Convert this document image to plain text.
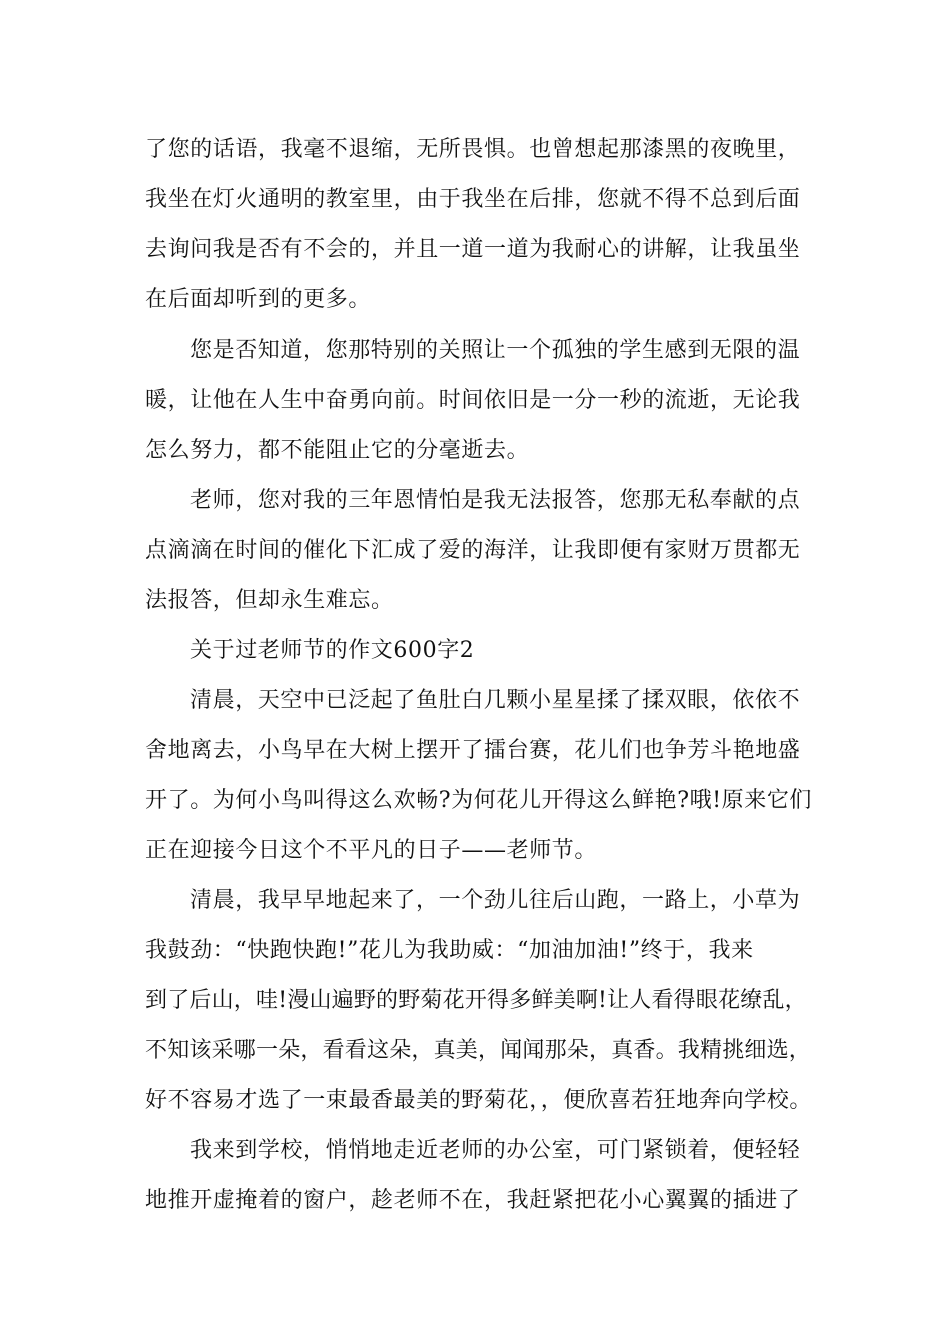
了您的话语，我毫不退缩，无所畏惧。也曾想起那漆黑的夜晚里，
我坐在灯火通明的教室里，由于我坐在后排，您就不得不总到后面
去询问我是否有不会的，并且一道一道为我耐心的讲解，让我虽坐
在后面却听到的更多。
您是否知道，您那特别的关照让一个孤独的学生感到无限的温
暖，让他在人生中奋勇向前。时间依旧是一分一秒的流逝，无论我
怎么努力，都不能阻止它的分毫逝去。
老师，您对我的三年恩情怕是我无法报答，您那无私奉献的点
点滴滴在时间的催化下汇成了爱的海洋，让我即便有家财万贯都无
法报答，但却永生难忘。
关于过老师节的作文600字2
清晨，天空中已泛起了鱼肚白几颗小星星揉了揉双眼，依依不
舍地离去，小鸟早在大树上摆开了擂台赛，花儿们也争芳斗艳地盛
开了。为何小鸟叫得这么欢畅?为何花儿开得这么鲜艳?哦!原来它们
正在迎接今日这个不平凡的日子——老师节。
清晨，我早早地起来了，一个劲儿往后山跑，一路上，小草为
我鼓劲：“快跑快跑!”花儿为我助威：“加油加油!”终于，我来
到了后山，哇!漫山遍野的野菊花开得多鲜美啊!让人看得眼花缭乱，
不知该采哪一朵，看看这朵，真美，闻闻那朵，真香。我精挑细选，
好不容易才选了一束最香最美的野菊花，，便欣喜若狂地奔向学校。
我来到学校，悄悄地走近老师的办公室，可门紧锁着，便轻轻
地推开虚掩着的窗户，趁老师不在，我赶紧把花小心翼翼的插进了
